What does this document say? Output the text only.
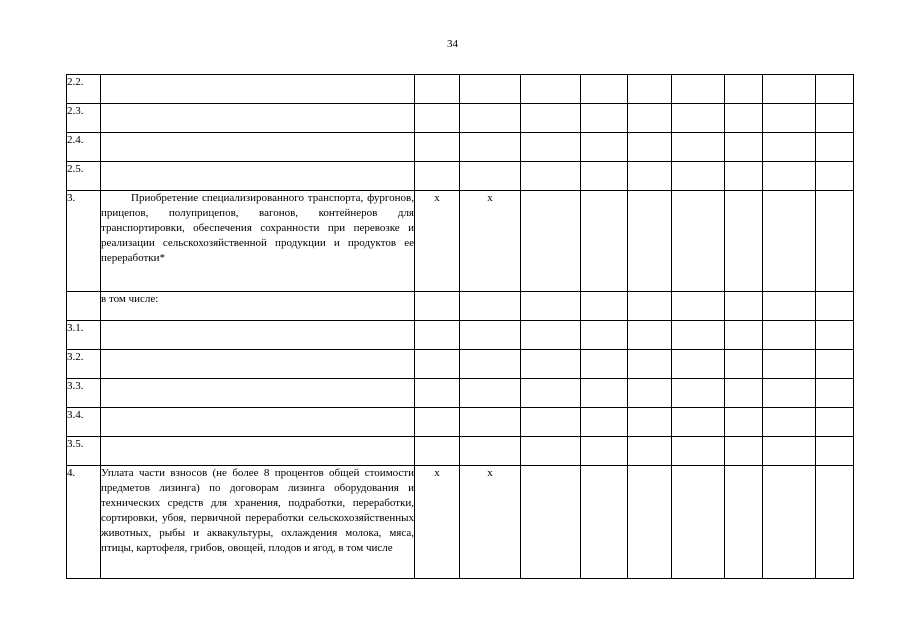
34
2.2.										
2.3.										
2.4.										
2.5.										
3.	Приобретение специализированного транспорта, фургонов, прицепов, полуприцепов, вагонов, контейнеров для транспортировки, обеспечения сохранности при перевозке и реализации сельскохозяйственной продукции и продуктов ее переработки*	х	х							
	в том числе:									
3.1.										
3.2.										
3.3.										
3.4.										
3.5.										
4.	Уплата части взносов (не более 8 процентов общей стоимости предметов лизинга) по договорам лизинга оборудования и технических средств для хранения, подработки, переработки, сортировки, убоя, первичной переработки сельскохозяйственных животных, рыбы и аквакультуры, охлаждения молока, мяса, птицы, картофеля, грибов, овощей, плодов и ягод, в том числе	х	х							
